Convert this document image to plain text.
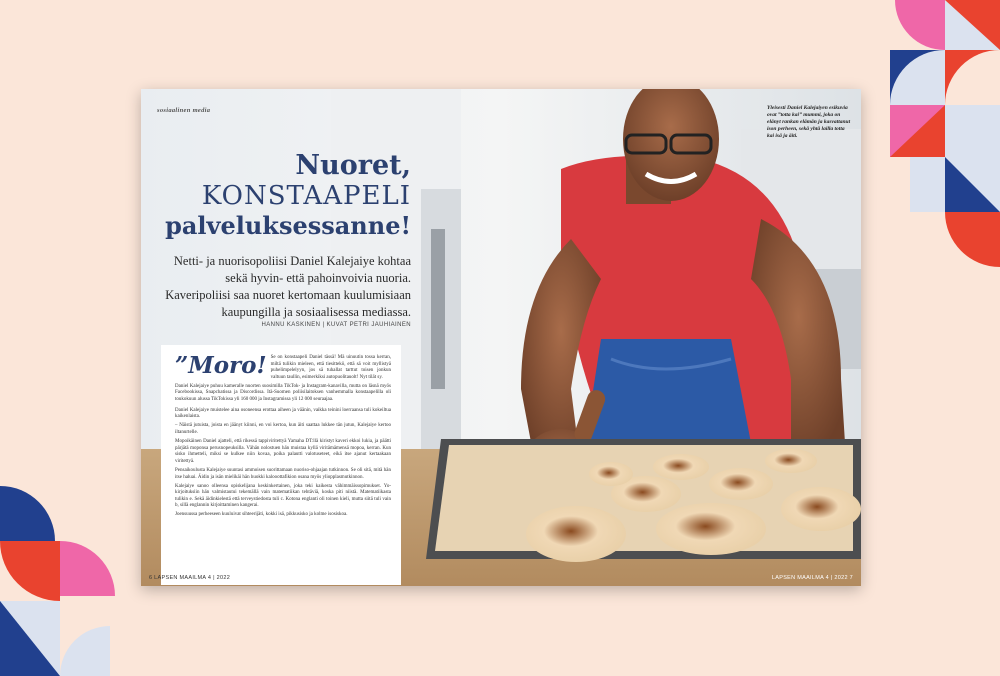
sosiaalinen media
Nuoret,
KONSTAAPELI
palveluksessanne!
Netti- ja nuorisopoliisi Daniel Kalejaiye kohtaa sekä hyvin- että pahoinvoivia nuoria. Kaveripoliisi saa nuoret kertomaan kuulumisiaan kaupungilla ja sosiaalisessa mediassa.
HANNU KASKINEN | KUVAT PETRI JAUHIAINEN
”Moro! Se on konstaapeli Daniel tässä! Mä uinuutin tossa kerran, miltä tulikin mieleen, että tiesittekö, että sä voit myllistyä puhelimpelelyyn, jos sä tuhallat tarttut toisen jonkun valtuun taullin, esimerkiksi autopuolitauolt! Nyt tilät sy.

Daniel Kalejaiye puhuu kameralle nuorten suosimilla TikTok- ja Instagram-kanavilla, mutta on läsnä myös Facebookissa, Snapchatissa ja Discordissa. Itä-Suomen poliisilaitoksen vanhemmalla konstaapelilla oli toukokuun alussa TikTokissa yli 160 000 ja Instagramissa yli 12 000 seuraajaa.

Daniel Kalejaiye muistelee aina osoneensa erottaa aiheen ja väänin, vaikka teinini loerraansa tuli kokeiltua kaikenlaista.

– Näistä jutuista, joista en jäänyt kiinni, en voi kertoa, kun äiti saattaa lukkee tän jutun, Kalejaiye kertoo iltanurtelle.

Mopoikäinen Daniel ajatteli, että rikessä tappiviritettyä Yamaha DT:llä kiristyt kaveri ekkoi lukia, ja päätti pärjätä moponsa perusnopeuksilla. Vähän nolostuen hän muistaa kyllä viritämämensä mopoa, kerran. Kun sisko ihmetteli, miksi se kulkee niin kovaa, poika palautti valotuseteet, eikä itse ajanut kertaakaan viritettyä.

Pensaikoulusta Kalejaiye suuntasi ammoisen suorittamaan nuoriso-ohjaajan tutkinnon. Se oli sitä, mitä hän itse haluai. Äidin ja isän mielikäi hän huokki kalooottafikion osana myös yliopplasmutkinnon.

Kalejaiye sanoo olleensa opiskelijana keskinkertainen, joka teki kaikesta vähimmäissopimukset. Yo-kirjoituksiin hän valmistautui tekemällä vain matematiikan tehtäviä, koska piti niistä. Matematiikasta tulikin e. Sekä äidinkielestä että terveystiedosta tuli c. Kotona englanti oli toinen kieli, mutta siitä tuli vain b, sillä englannin kirjoittaminen kangerai.

Joensuussa perheeseen kuuluivat sihteerijäti, kokki isä, pikkusisko ja kolme isosiskoa.

Yleisesti Daniel Kalejaiyen esikuvia ovat ”totta kai” mummi, joka on elänyt rankan elämän ja kasvattanut ison perheen, sekä yhtä lailla totta kai isä ja äiti.
6 LAPSEN MAAILMA 4 | 2022	LAPSEN MAAILMA 4 | 2022 7
